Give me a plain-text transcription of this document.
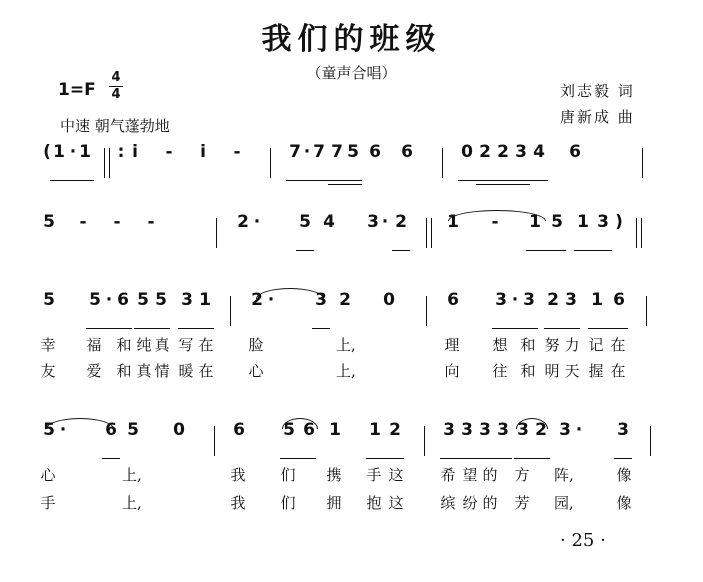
我们的班级
（童声合唱）
1=F
4
4
中速 朝气蓬勃地
刘志毅 词
唐新成 曲
( 1 · 1	: i	-	i	-	7 · 7 7 5 6 6	0 2 2 3 4 6
5	-	-	-	2 ·	5 4 3 · 2 1	-	1 5 1 3 )
5 5 · 6 5 5 3 1 2 ·	3 2 0	6 3 · 3 2 3 1 6
幸 福 和 纯 真 写 在 脸	上,	理 想 和 努 力 记 在
友 爱 和 真 情 暖 在 心	上,	向 往 和 明 天 握 在
5 ·	6 5 0	6 5 6 1 1 2 3 3 3 3 3 2 3 ·	3
心	上,	我 们 携 手 这 希 望 的 方 阵,	像
手	上,	我 们 拥 抱 这 缤 纷 的 芳 园,	像
· 25 ·
